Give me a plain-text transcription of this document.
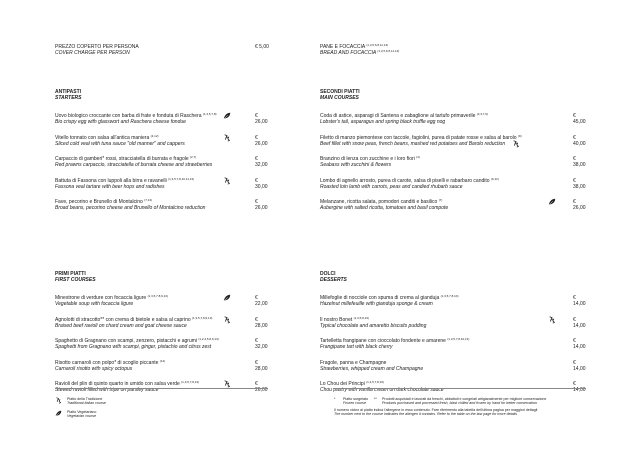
PREZZO COPERTO PER PERSONA
COVER CHARGE PER PERSON
€ 5,00	PANE E FOCACCIA $^{(1,3,5,6,8,11,13)}$
BREAD AND FOCACCIA $^{(1,3,5,6,8,11,13)}$
ANTIPASTI
STARTERS
Uovo biologico croccante con barba di frate e fonduta di Raschera $^{(1,3,5,7,8)}$
Bio crispy egg with glasswort and Raschera cheese fondue
€ 26,00
Vitello tonnato con salsa all'antica maniera $^{(4,12)}$
Sliced cold veal with tuna sauce "old manner" and cappers
€ 26,00
Carpaccio di gamberi* rossi, stracciatella di burrata e fragole $^{(2,7)}$
Red prawns carpaccio, stracciatella of burrata cheese and strawberries
€ 32,00
Battuta di Fassona con luppoli alla birra e ravanelli $^{(1,3,5,7,8,10,11,13)}$
Fassona veal tartare with beer hops and radishes
€ 30,00
Fave, pecorino e Brunello di Montalcino $^{(7,13)}$
Broad beans, pecorino cheese and Brunello of Montalcino reduction
€ 26,00
PRIMI PIATTI
FIRST COURSES
Minestrone di verdure con focaccia ligure $^{(1,3,5,7,8,9,13)}$
Vegetable soup with focaccia ligure
€ 22,00
Agnolotti di stracotto** con crema di bietole e salsa al caprino $^{(1,3,5,7,8,9,13)}$
Braised beef ravioli on chard cream and goat cheese sauce
€ 28,00
Spaghetto di Gragnano con scampi, zenzero, pistacchi e agrumi $^{(1,2,4,5,8,9,13)}$
Spaghetti from Gragnano with scampi, ginger, pistachio and citrus zest
€ 32,00
Risotto carnaroli con polpo* di scoglio piccante $^{(14)}$
Carnaroli risotto with spicy octopus
€ 28,00
Ravioli del plin di quinto quarto in umido con salsa verde $^{(1,3,5,7,8,13)}$
Stewed ravioli filled with tripe on parsley sauce
€ 26,00
SECONDI PIATTI
MAIN COURSES
Coda di astice, asparagi di Santena e zabaglione al tartufo primaverile $^{(2,3,7,9)}$
Lobster's tail, asparagus and spring black truffle egg nog
€ 45,00
Filetto di manzo piemontese con taccole, fagiolini, purea di patate rosse e salsa al barolo $^{(9)}$
Beef fillet with snow peas, french beans, mashed red potatoes and Barolo reduction
€ 40,00
Branzino di lenza con zucchine e i loro fiori $^{(4)}$
Seabass with zucchini & flowers
€ 38,00
Lombo di agnello arrosto, purea di carote, salsa di piselli e rabarbaro candito $^{(9,12)}$
Roasted loin lamb with carrots, peas and candied rhubarb sauce
€ 38,00
Melanzane, ricotta salata, pomodori canditi e basilico $^{(7)}$
Aubergine with salted ricotta, tomatoes and basil compote
€ 26,00
DOLCI
DESSERTS
Millefoglie di nocciole con spuma di crema al gianduja $^{(1,3,5,7,8,10)}$
Hazelnut millefeuille with gianduja sponge & cream
€ 14,00
Il nostro Bonet $^{(1,3,5,8,10)}$
Typical chocolate and amaretto biscuits pudding
€ 14,00
Tartelletta frangipane con cioccolato fondente e amarene $^{(1,3,5,7,8,10,13)}$
Frangipane tart with black cherry
€ 14,00
Fragole, panna e Champagne
Strawberries, whipped cream and Champagne
€ 14,00
Lo Chou dei Principi $^{(1,3,5,7,8,10)}$
Chou pastry with vanilla cream on dark chocolate sauce
€ 14,00
Piatto della Tradizione
Traditional Italian course
Piatto Vegetariano
Vegetarian course
* Piatto surgelato
Frozen course
** Prodotti acquistati e lavorati da freschi, abbattuti e congelati artigianalmente per migliore conservazione
Products purchased and processed fresh, blast chilled and frozen by hand for better conservation
Il numero vicino al piatto indica l'allergene in esso contenuto. Fare riferimento alla tabella dell'ultima pagina per maggiori dettagli
The number next to the course indicates the allergen it contains. Refer to the table on the last page for more details
